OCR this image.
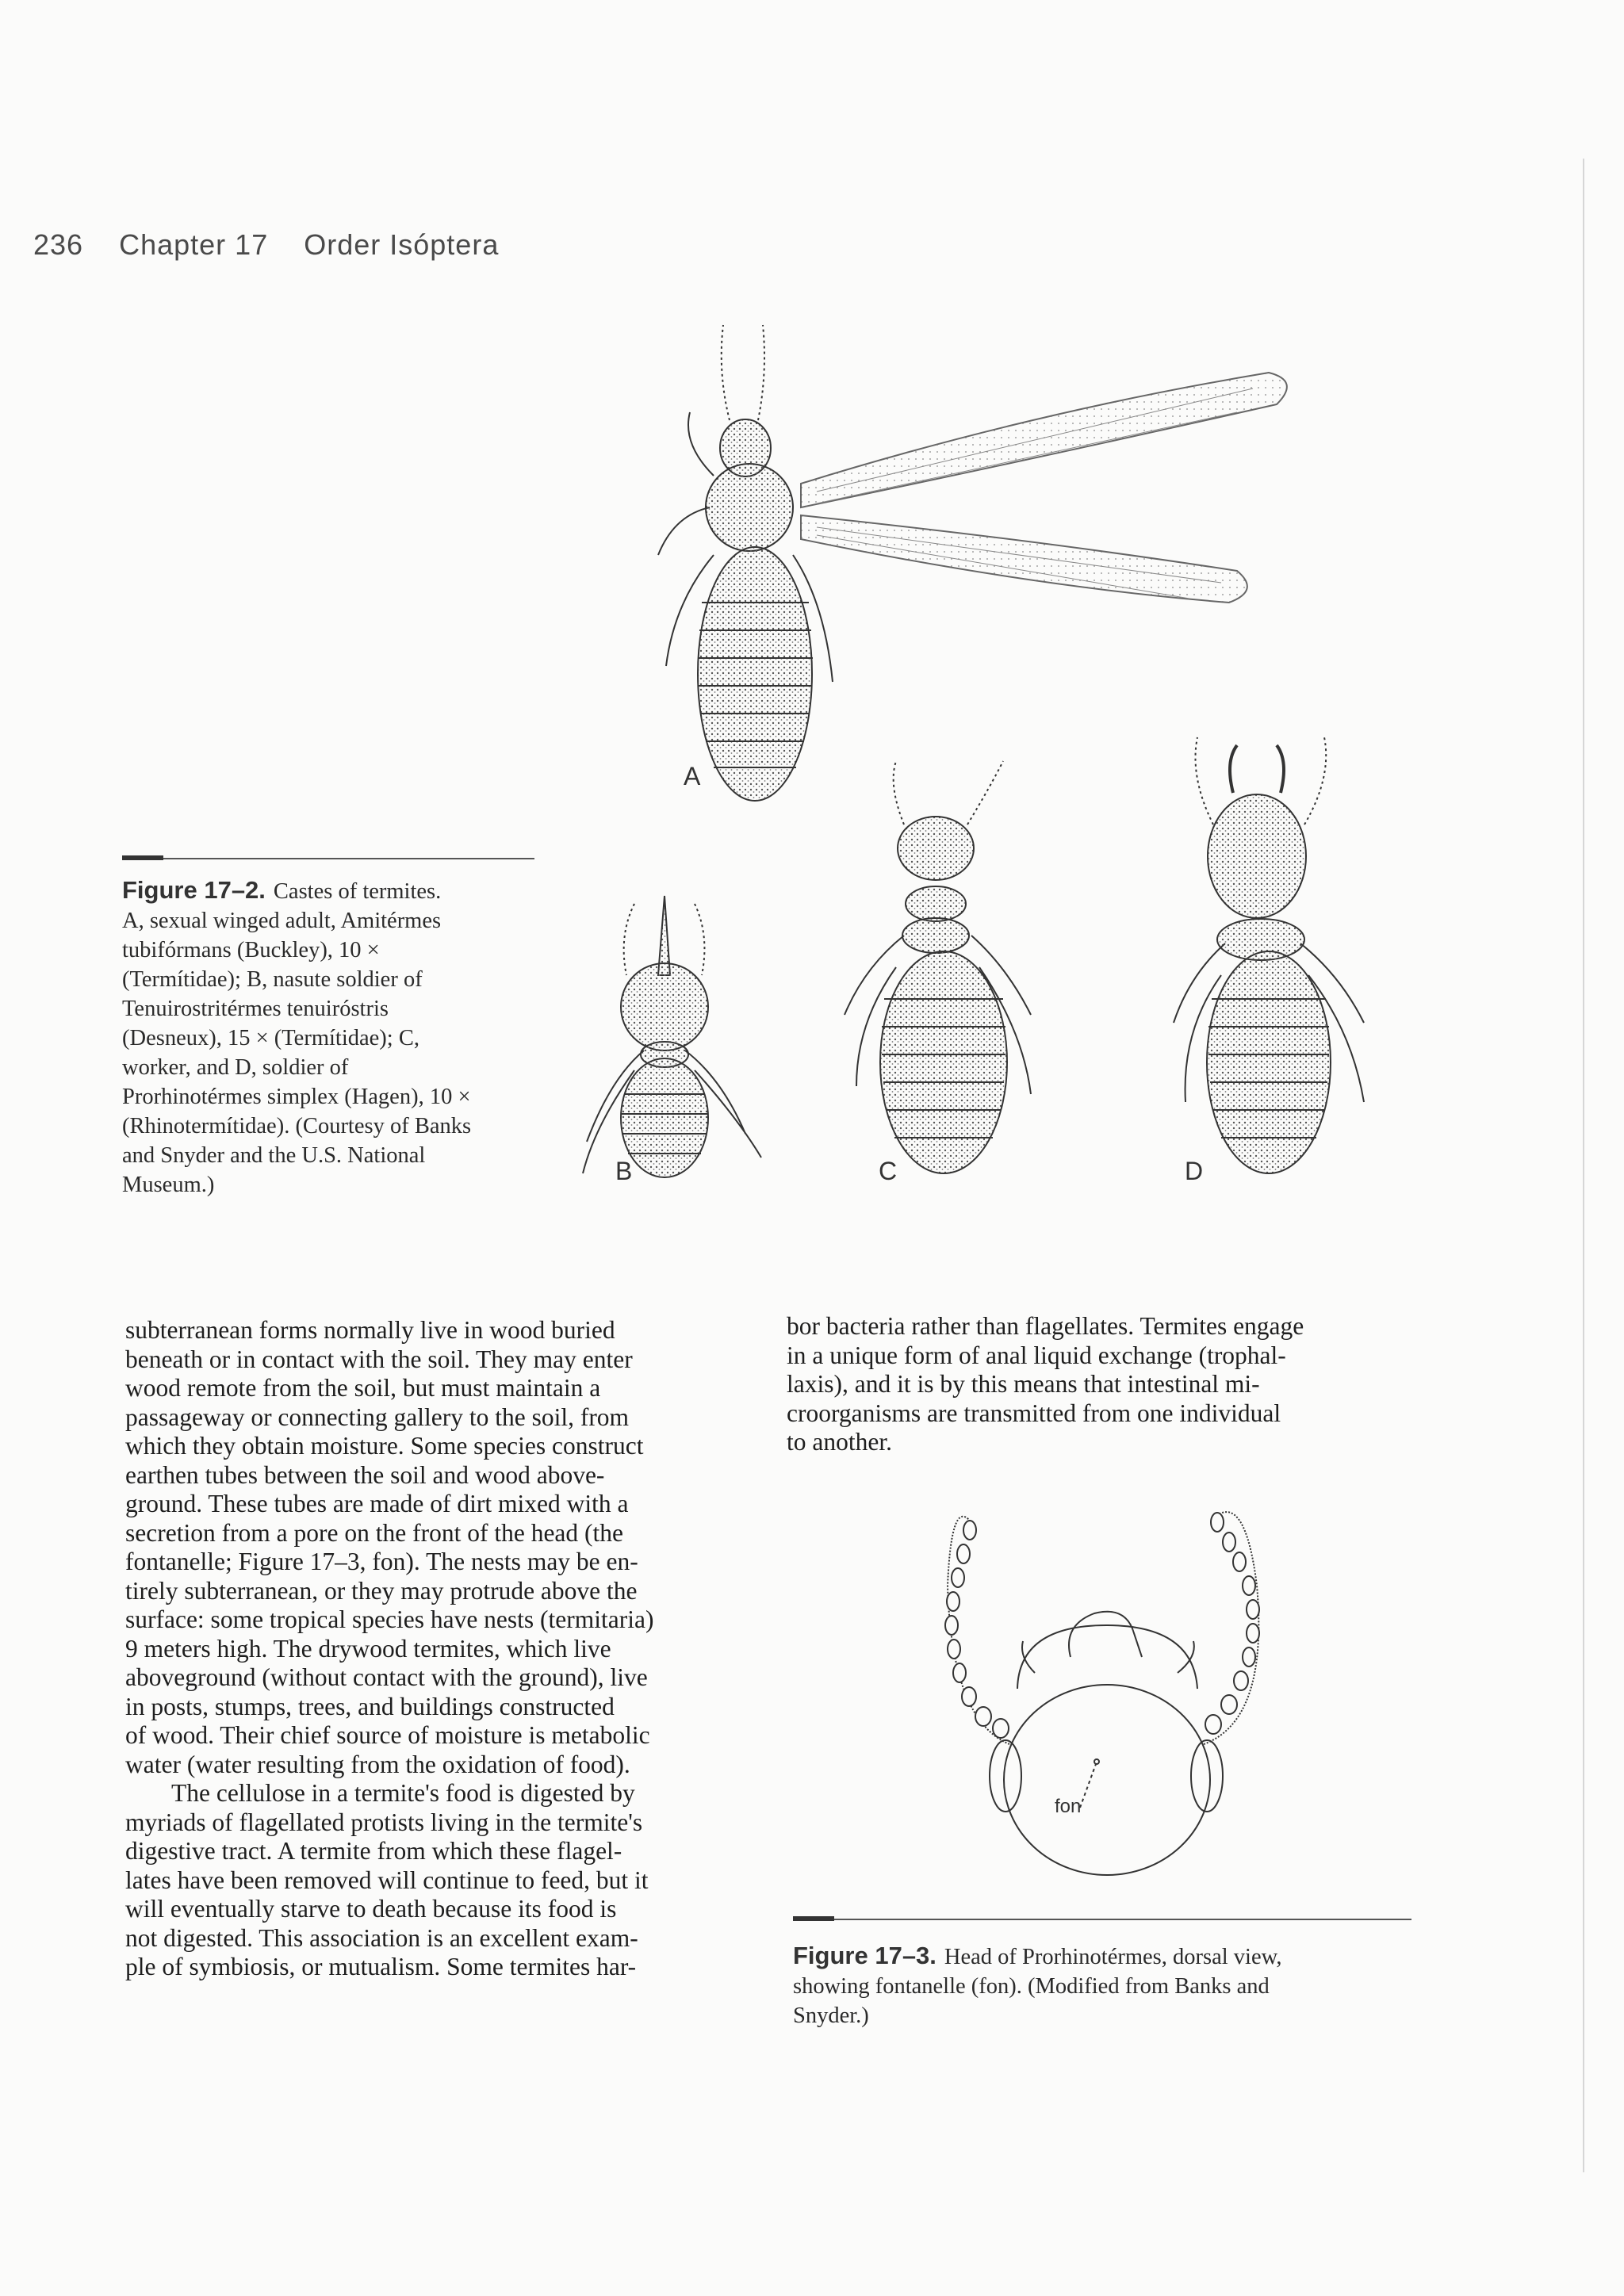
236 Chapter 17 Order Isóptera
A
B	C	D
fon
Figure 17–2. Castes of termites.
A, sexual winged adult, Amitérmes
tubifórmans (Buckley), 10 ×
(Termítidae); B, nasute soldier of
Tenuirostritérmes tenuiróstris
(Desneux), 15 × (Termítidae); C,
worker, and D, soldier of
Prorhinotérmes simplex (Hagen), 10 ×
(Rhinotermítidae). (Courtesy of Banks
and Snyder and the U.S. National
Museum.)

subterranean forms normally live in wood buried

beneath or in contact with the soil. They may enter

wood remote from the soil, but must maintain a

passageway or connecting gallery to the soil, from

which they obtain moisture. Some species construct

earthen tubes between the soil and wood above-

ground. These tubes are made of dirt mixed with a

secretion from a pore on the front of the head (the

fontanelle; Figure 17–3, fon). The nests may be en-

tirely subterranean, or they may protrude above the

surface: some tropical species have nests (termitaria)

9 meters high. The drywood termites, which live

aboveground (without contact with the ground), live

in posts, stumps, trees, and buildings constructed

of wood. Their chief source of moisture is metabolic

water (water resulting from the oxidation of food).

The cellulose in a termite's food is digested by

myriads of flagellated protists living in the termite's

digestive tract. A termite from which these flagel-

lates have been removed will continue to feed, but it

will eventually starve to death because its food is

not digested. This association is an excellent exam-

ple of symbiosis, or mutualism. Some termites har-

bor bacteria rather than flagellates. Termites engage

in a unique form of anal liquid exchange (trophal-

laxis), and it is by this means that intestinal mi-

croorganisms are transmitted from one individual

to another.

Figure 17–3. Head of Prorhinotérmes, dorsal view,
showing fontanelle (fon). (Modified from Banks and
Snyder.)
